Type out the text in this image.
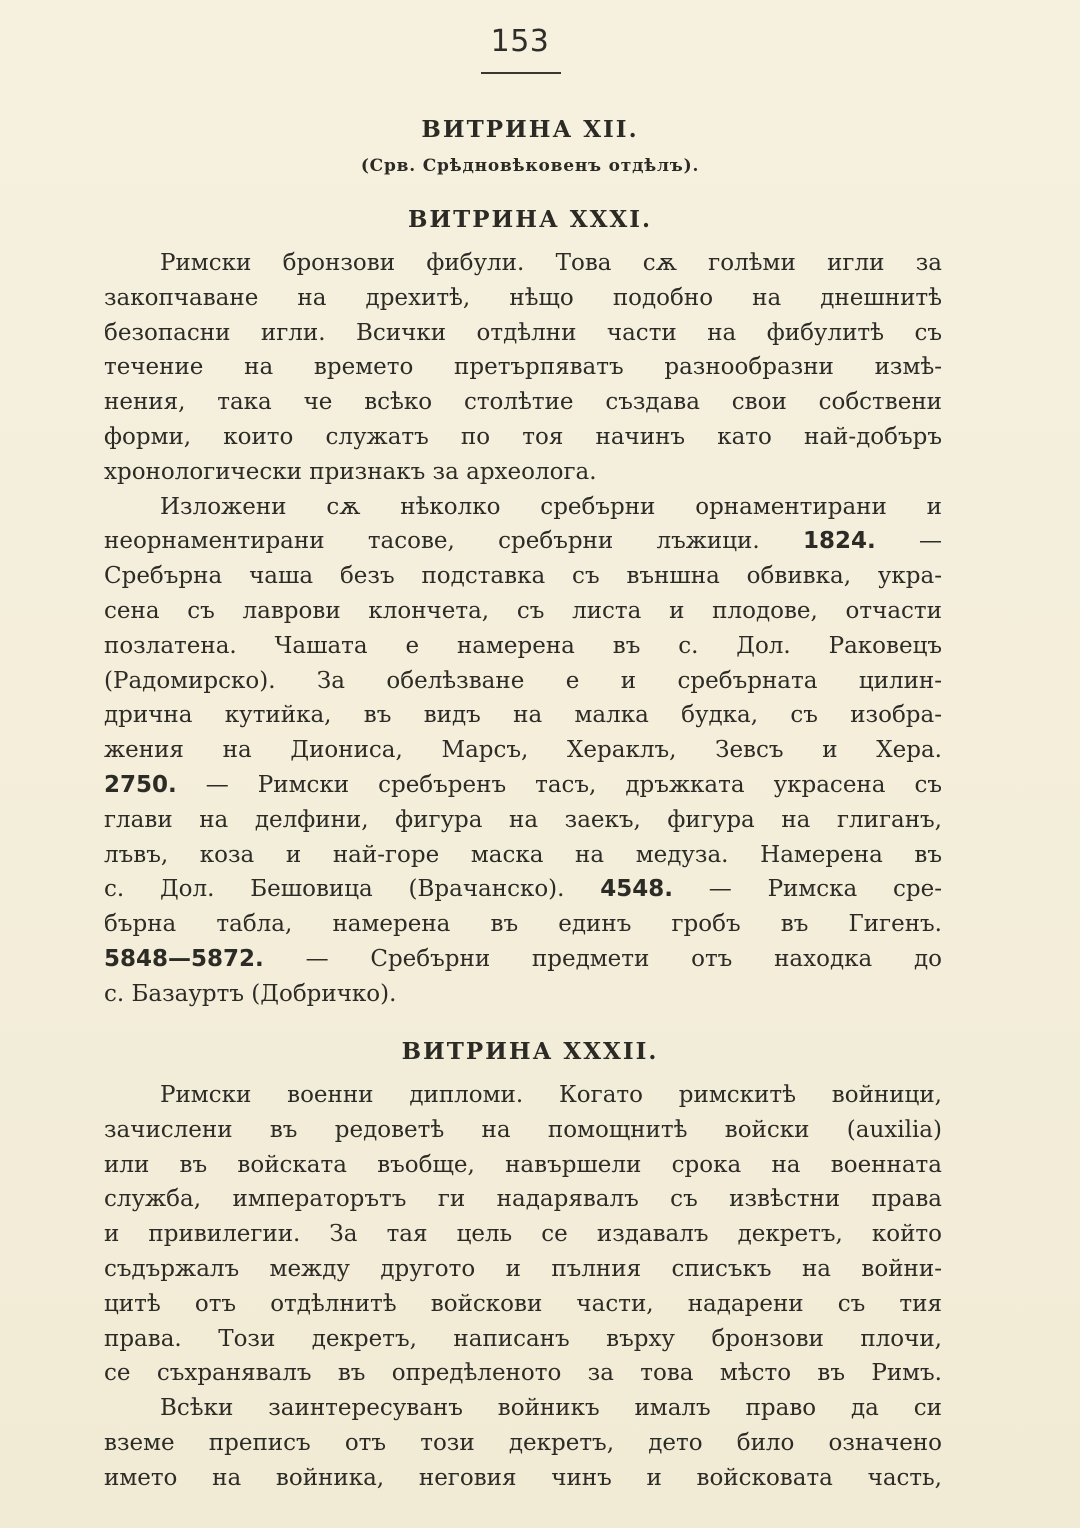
153
ВИТРИНА XII.
(Срв. Срѣдновѣковенъ отдѣлъ).
ВИТРИНА XXXI.
Римски бронзови фибули. Това сѫ голѣми игли за
закопчаване на дрехитѣ, нѣщо подобно на днешнитѣ
безопасни игли. Всички отдѣлни части на фибулитѣ съ
течение на времето претърпяватъ разнообразни измѣ-
нения, така че всѣко столѣтие създава свои собствени
форми, които служатъ по тоя начинъ като най-добъръ
хронологически признакъ за археолога.
Изложени сѫ нѣколко сребърни орнаментирани и
неорнаментирани тасове, сребърни лъжици. 1824. —
Сребърна чаша безъ подставка съ външна обвивка, укра-
сена съ лаврови клончета, съ листа и плодове, отчасти
позлатена. Чашата е намерена въ с. Дол. Раковецъ
(Радомирско). За обелѣзване е и сребърната цилин-
дрична кутийка, въ видъ на малка будка, съ изобра-
жения на Диониса, Марсъ, Хераклъ, Зевсъ и Хера.
2750. — Римски сребъренъ тасъ, дръжката украсена съ
глави на делфини, фигура на заекъ, фигура на глиганъ,
лъвъ, коза и най-горе маска на медуза. Намерена въ
с. Дол. Бешовица (Врачанско). 4548. — Римска сре-
бърна табла, намерена въ единъ гробъ въ Гигенъ.
5848—5872. — Сребърни предмети отъ находка до
с. Базауртъ (Добричко).
ВИТРИНА XXXII.
Римски военни дипломи. Когато римскитѣ войници,
зачислени въ редоветѣ на помощнитѣ войски (auxilia)
или въ войската въобще, навършели срока на военната
служба, императорътъ ги надарявалъ съ извѣстни права
и привилегии. За тая цель се издавалъ декретъ, който
съдържалъ между другото и пълния списъкъ на войни-
цитѣ отъ отдѣлнитѣ войскови части, надарени съ тия
права. Този декретъ, написанъ върху бронзови плочи,
се съхранявалъ въ опредѣленото за това мѣсто въ Римъ.
Всѣки заинтересуванъ войникъ ималъ право да си
вземе преписъ отъ този декретъ, дето било означено
името на войника, неговия чинъ и войсковата часть,
